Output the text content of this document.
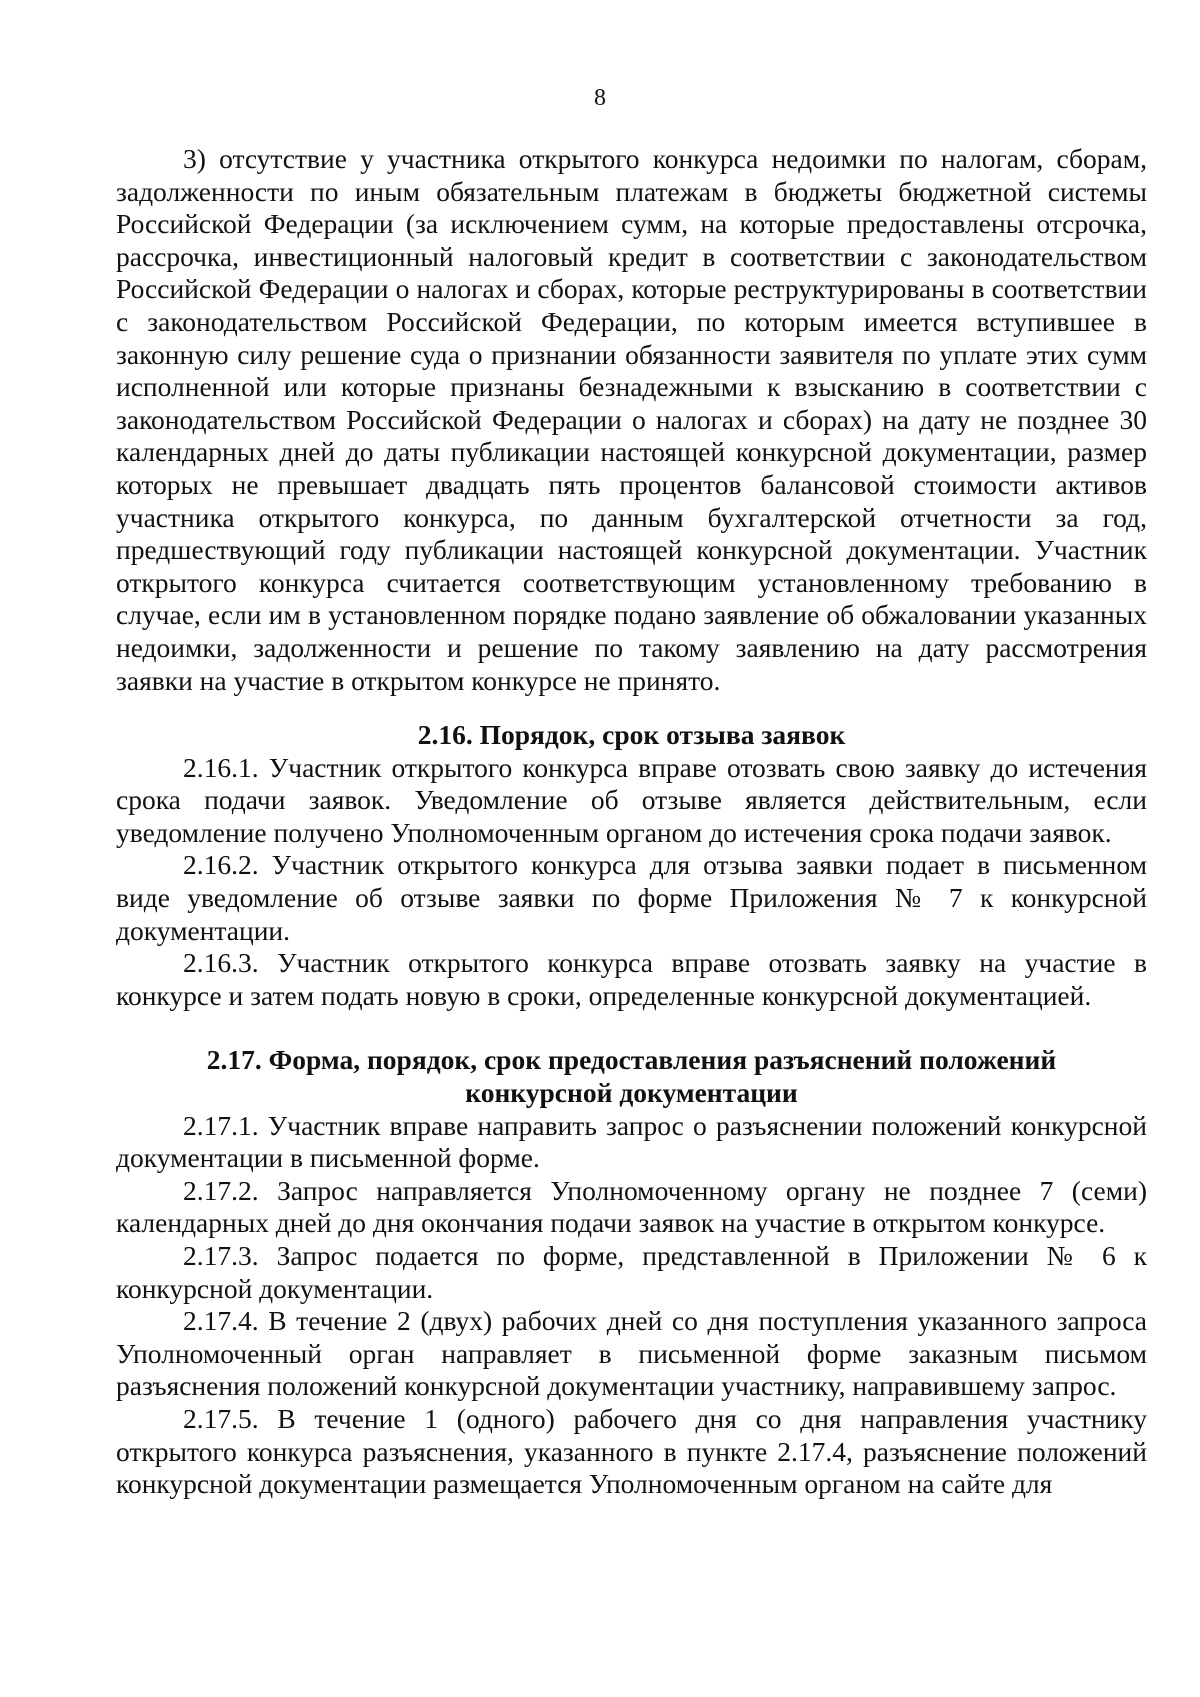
8

3) отсутствие у участника открытого конкурса недоимки по налогам, сборам, задолженности по иным обязательным платежам в бюджеты бюджетной системы Российской Федерации (за исключением сумм, на которые предоставлены отсрочка, рассрочка, инвестиционный налоговый кредит в соответствии с законодательством Российской Федерации о налогах и сборах, которые реструктурированы в соответствии с законодательством Российской Федерации, по которым имеется вступившее в законную силу решение суда о признании обязанности заявителя по уплате этих сумм исполненной или которые признаны безнадежными к взысканию в соответствии с законодательством Российской Федерации о налогах и сборах) на дату не позднее 30 календарных дней до даты публикации настоящей конкурсной документации, размер которых не превышает двадцать пять процентов балансовой стоимости активов участника открытого конкурса, по данным бухгалтерской отчетности за год, предшествующий году публикации настоящей конкурсной документации. Участник открытого конкурса считается соответствующим установленному требованию в случае, если им в установленном порядке подано заявление об обжаловании указанных недоимки, задолженности и решение по такому заявлению на дату рассмотрения заявки на участие в открытом конкурсе не принято.

2.16. Порядок, срок отзыва заявок

2.16.1. Участник открытого конкурса вправе отозвать свою заявку до истечения срока подачи заявок. Уведомление об отзыве является действительным, если уведомление получено Уполномоченным органом до истечения срока подачи заявок.

2.16.2. Участник открытого конкурса для отзыва заявки подает в письменном виде уведомление об отзыве заявки по форме Приложения № 7 к конкурсной документации.

2.16.3. Участник открытого конкурса вправе отозвать заявку на участие в конкурсе и затем подать новую в сроки, определенные конкурсной документацией.

2.17. Форма, порядок, срок предоставления разъяснений положений
конкурсной документации

2.17.1. Участник вправе направить запрос о разъяснении положений конкурсной документации в письменной форме.

2.17.2. Запрос направляется Уполномоченному органу не позднее 7 (семи) календарных дней до дня окончания подачи заявок на участие в открытом конкурсе.

2.17.3. Запрос подается по форме, представленной в Приложении № 6 к конкурсной документации.

2.17.4. В течение 2 (двух) рабочих дней со дня поступления указанного запроса Уполномоченный орган направляет в письменной форме заказным письмом разъяснения положений конкурсной документации участнику, направившему запрос.

2.17.5. В течение 1 (одного) рабочего дня со дня направления участнику открытого конкурса разъяснения, указанного в пункте 2.17.4, разъяснение положений конкурсной документации размещается Уполномоченным органом на сайте для
